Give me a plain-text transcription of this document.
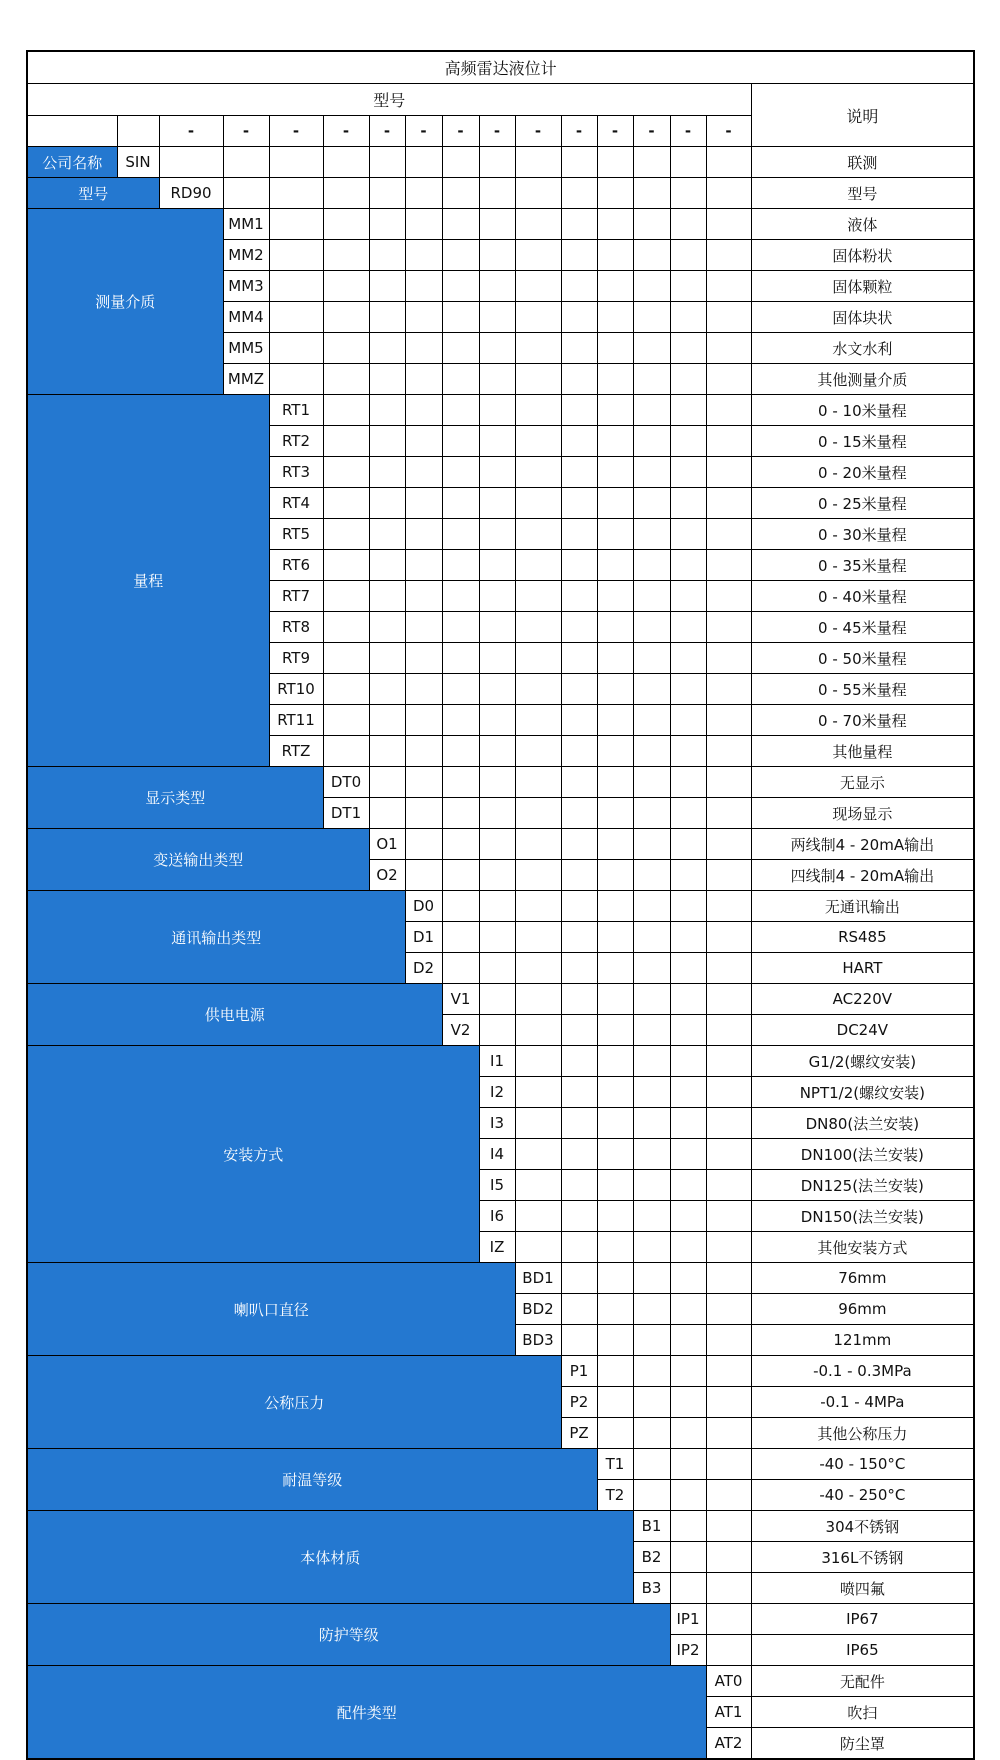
高频雷达液位计																
型号																说明
		-	-	-	-	-	-	-	-	-	-	-	-	-	-	
公司名称	SIN															联测
型号		RD90														型号
测量介质			MM1													液体
			MM2													固体粉状
			MM3													固体颗粒
			MM4													固体块状
			MM5													水文水利
			MMZ													其他测量介质
量程				RT1												0 - 10米量程
				RT2												0 - 15米量程
				RT3												0 - 20米量程
				RT4												0 - 25米量程
				RT5												0 - 30米量程
				RT6												0 - 35米量程
				RT7												0 - 40米量程
				RT8												0 - 45米量程
				RT9												0 - 50米量程
				RT10												0 - 55米量程
				RT11												0 - 70米量程
				RTZ												其他量程
显示类型					DT0											无显示
					DT1											现场显示
变送输出类型						O1										两线制4 - 20mA输出
						O2										四线制4 - 20mA输出
通讯输出类型							D0									无通讯输出
							D1									RS485
							D2									HART
供电电源								V1								AC220V
								V2								DC24V
安装方式									I1							G1/2(螺纹安装)
									I2							NPT1/2(螺纹安装)
									I3							DN80(法兰安装)
									I4							DN100(法兰安装)
									I5							DN125(法兰安装)
									I6							DN150(法兰安装)
									IZ							其他安装方式
喇叭口直径										BD1						76mm
										BD2						96mm
										BD3						121mm
公称压力											P1					-0.1 - 0.3MPa
											P2					-0.1 - 4MPa
											PZ					其他公称压力
耐温等级												T1				-40 - 150°C
												T2				-40 - 250°C
本体材质													B1			304不锈钢
													B2			316L不锈钢
													B3			喷四氟
防护等级														IP1		IP67
														IP2		IP65
配件类型															AT0	无配件
															AT1	吹扫
															AT2	防尘罩
